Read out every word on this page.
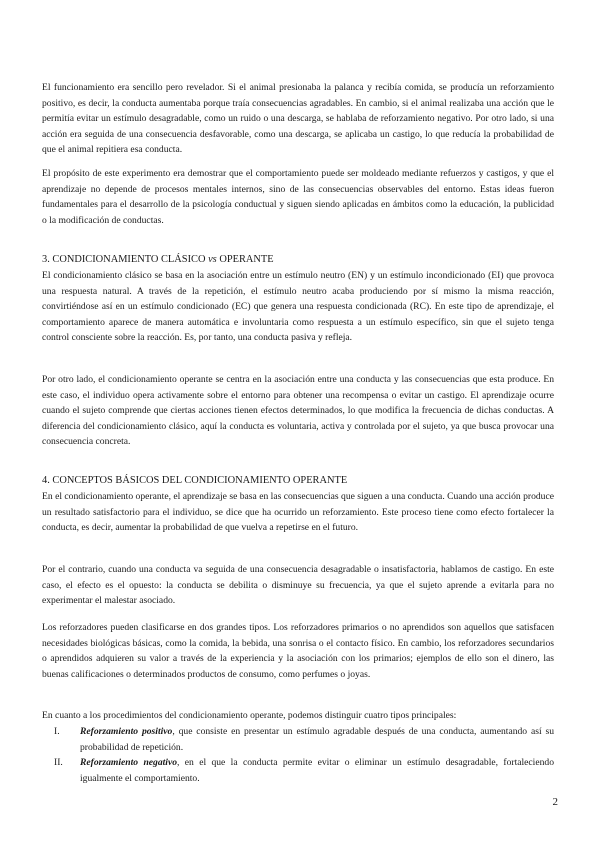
El funcionamiento era sencillo pero revelador. Si el animal presionaba la palanca y recibía comida, se producía un reforzamiento positivo, es decir, la conducta aumentaba porque traía consecuencias agradables. En cambio, si el animal realizaba una acción que le permitía evitar un estímulo desagradable, como un ruido o una descarga, se hablaba de reforzamiento negativo. Por otro lado, si una acción era seguida de una consecuencia desfavorable, como una descarga, se aplicaba un castigo, lo que reducía la probabilidad de que el animal repitiera esa conducta.

El propósito de este experimento era demostrar que el comportamiento puede ser moldeado mediante refuerzos y castigos, y que el aprendizaje no depende de procesos mentales internos, sino de las consecuencias observables del entorno. Estas ideas fueron fundamentales para el desarrollo de la psicología conductual y siguen siendo aplicadas en ámbitos como la educación, la publicidad o la modificación de conductas.

3. CONDICIONAMIENTO CLÁSICO vs OPERANTE

El condicionamiento clásico se basa en la asociación entre un estímulo neutro (EN) y un estímulo incondicionado (EI) que provoca una respuesta natural. A través de la repetición, el estímulo neutro acaba produciendo por sí mismo la misma reacción, convirtiéndose así en un estímulo condicionado (EC) que genera una respuesta condicionada (RC). En este tipo de aprendizaje, el comportamiento aparece de manera automática e involuntaria como respuesta a un estímulo específico, sin que el sujeto tenga control consciente sobre la reacción. Es, por tanto, una conducta pasiva y refleja.

Por otro lado, el condicionamiento operante se centra en la asociación entre una conducta y las consecuencias que esta produce. En este caso, el individuo opera activamente sobre el entorno para obtener una recompensa o evitar un castigo. El aprendizaje ocurre cuando el sujeto comprende que ciertas acciones tienen efectos determinados, lo que modifica la frecuencia de dichas conductas. A diferencia del condicionamiento clásico, aquí la conducta es voluntaria, activa y controlada por el sujeto, ya que busca provocar una consecuencia concreta.

4. CONCEPTOS BÁSICOS DEL CONDICIONAMIENTO OPERANTE

En el condicionamiento operante, el aprendizaje se basa en las consecuencias que siguen a una conducta. Cuando una acción produce un resultado satisfactorio para el individuo, se dice que ha ocurrido un reforzamiento. Este proceso tiene como efecto fortalecer la conducta, es decir, aumentar la probabilidad de que vuelva a repetirse en el futuro.

Por el contrario, cuando una conducta va seguida de una consecuencia desagradable o insatisfactoria, hablamos de castigo. En este caso, el efecto es el opuesto: la conducta se debilita o disminuye su frecuencia, ya que el sujeto aprende a evitarla para no experimentar el malestar asociado.

Los reforzadores pueden clasificarse en dos grandes tipos. Los reforzadores primarios o no aprendidos son aquellos que satisfacen necesidades biológicas básicas, como la comida, la bebida, una sonrisa o el contacto físico. En cambio, los reforzadores secundarios o aprendidos adquieren su valor a través de la experiencia y la asociación con los primarios; ejemplos de ello son el dinero, las buenas calificaciones o determinados productos de consumo, como perfumes o joyas.

En cuanto a los procedimientos del condicionamiento operante, podemos distinguir cuatro tipos principales:

I. Reforzamiento positivo, que consiste en presentar un estímulo agradable después de una conducta, aumentando así su probabilidad de repetición.
II. Reforzamiento negativo, en el que la conducta permite evitar o eliminar un estímulo desagradable, fortaleciendo igualmente el comportamiento.
2
